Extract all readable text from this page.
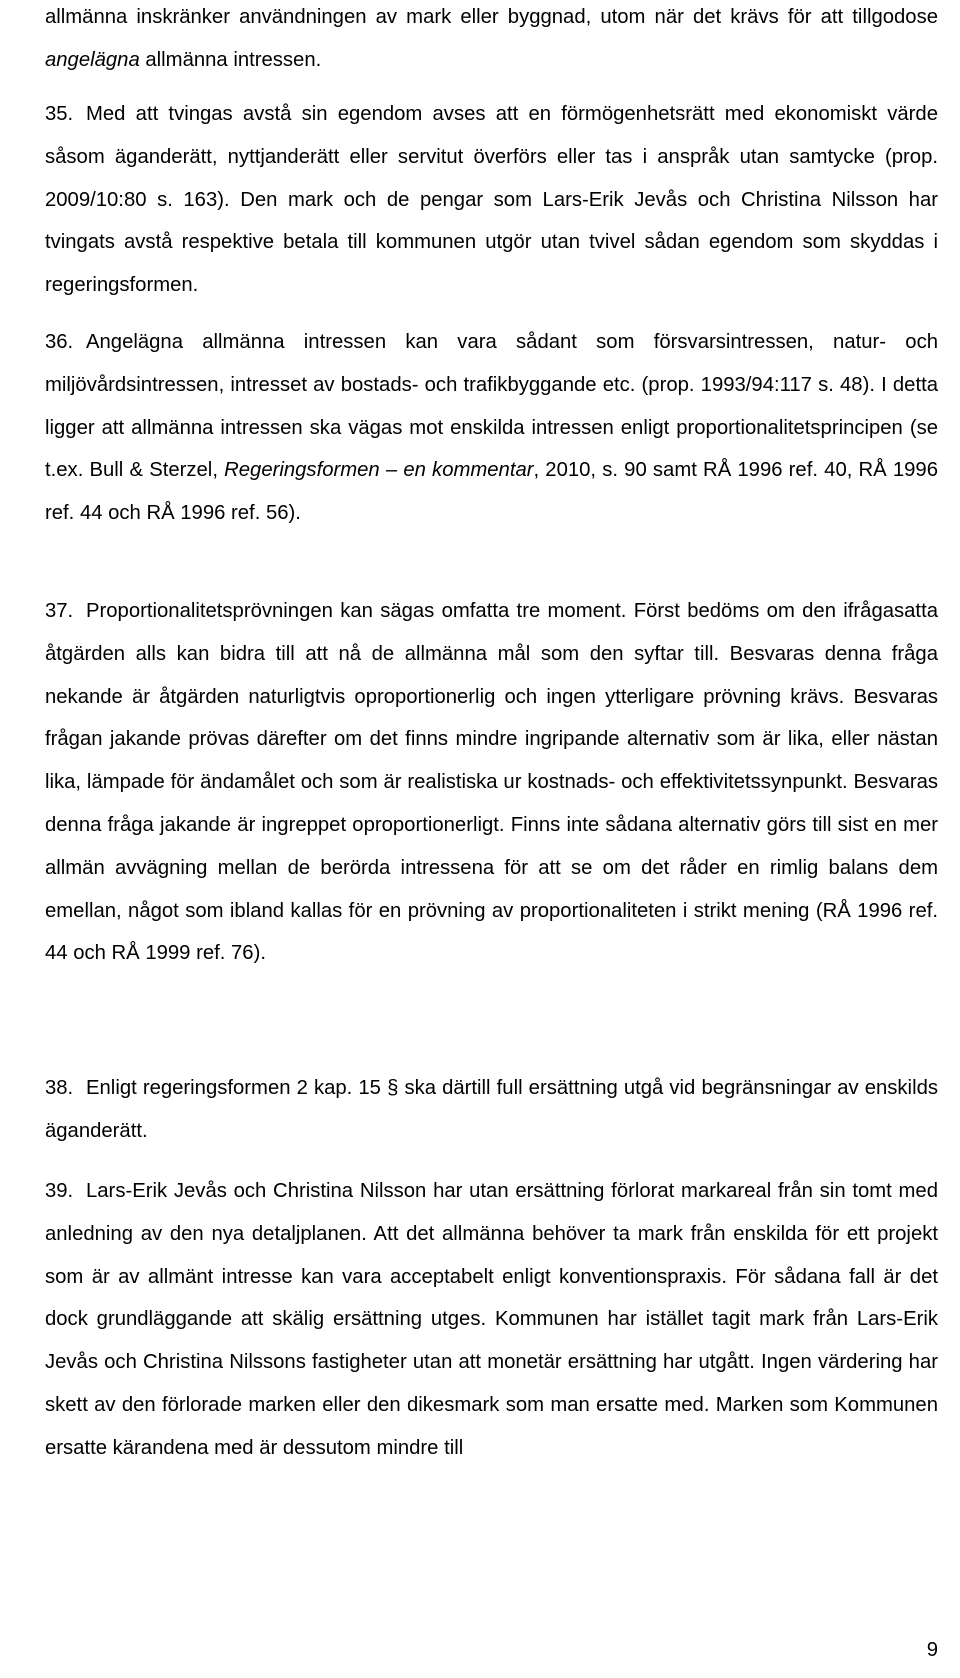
allmänna inskränker användningen av mark eller byggnad, utom när det krävs för att tillgodose angelägna allmänna intressen.

35. Med att tvingas avstå sin egendom avses att en förmögenhetsrätt med ekonomiskt värde såsom äganderätt, nyttjanderätt eller servitut överförs eller tas i anspråk utan samtycke (prop. 2009/10:80 s. 163). Den mark och de pengar som Lars-Erik Jevås och Christina Nilsson har tvingats avstå respektive betala till kommunen utgör utan tvivel sådan egendom som skyddas i regeringsformen.

36. Angelägna allmänna intressen kan vara sådant som försvarsintressen, natur- och miljövårdsintressen, intresset av bostads- och trafikbyggande etc. (prop. 1993/94:117 s. 48). I detta ligger att allmänna intressen ska vägas mot enskilda intressen enligt proportionalitetsprincipen (se t.ex. Bull & Sterzel, Regeringsformen – en kommentar, 2010, s. 90 samt RÅ 1996 ref. 40, RÅ 1996 ref. 44 och RÅ 1996 ref. 56).

37. Proportionalitetsprövningen kan sägas omfatta tre moment. Först bedöms om den ifrågasatta åtgärden alls kan bidra till att nå de allmänna mål som den syftar till. Besvaras denna fråga nekande är åtgärden naturligtvis oproportionerlig och ingen ytterligare prövning krävs. Besvaras frågan jakande prövas därefter om det finns mindre ingripande alternativ som är lika, eller nästan lika, lämpade för ändamålet och som är realistiska ur kostnads- och effektivitetssynpunkt. Besvaras denna fråga jakande är ingreppet oproportionerligt. Finns inte sådana alternativ görs till sist en mer allmän avvägning mellan de berörda intressena för att se om det råder en rimlig balans dem emellan, något som ibland kallas för en prövning av proportionaliteten i strikt mening (RÅ 1996 ref. 44 och RÅ 1999 ref. 76).

38. Enligt regeringsformen 2 kap. 15 § ska därtill full ersättning utgå vid begränsningar av enskilds äganderätt.

39. Lars-Erik Jevås och Christina Nilsson har utan ersättning förlorat markareal från sin tomt med anledning av den nya detaljplanen. Att det allmänna behöver ta mark från enskilda för ett projekt som är av allmänt intresse kan vara acceptabelt enligt konventionspraxis. För sådana fall är det dock grundläggande att skälig ersättning utges. Kommunen har istället tagit mark från Lars-Erik Jevås och Christina Nilssons fastigheter utan att monetär ersättning har utgått. Ingen värdering har skett av den förlorade marken eller den dikesmark som man ersatte med. Marken som Kommunen ersatte kärandena med är dessutom mindre till

9
